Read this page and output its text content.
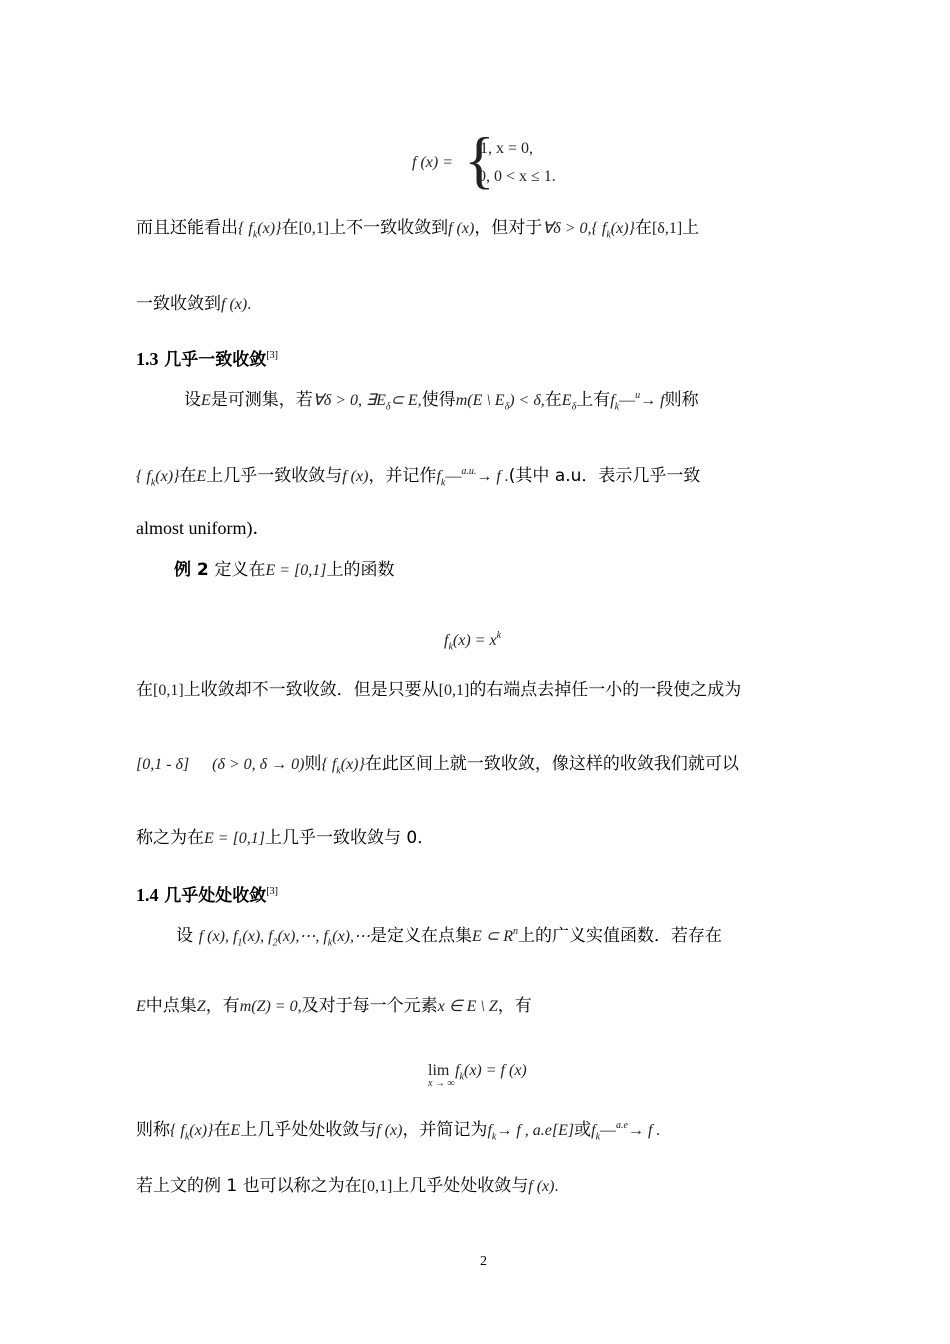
f (x) = {
1, x = 0,
0, 0 < x ≤ 1.
而且还能看出{ $f_k(x)$}在[0,1]上不一致收敛到f (x)，但对于∀δ > 0,{ $f_k(x)$}在[δ,1]上
一致收敛到f (x).
1.3 几乎一致收敛[3]
设E是可测集，若∀δ > 0, $\exists E_\delta\subset$ E,使得m(E \ $E_\delta) < \delta$,在$E_\delta$上有$f_k—^u\to f$则称
{ $f_k(x)$}在E上几乎一致收敛与f (x)，并记作$f_k—^{a.u.}\to f$ .(其中 a.u．表示几乎一致
almost uniform)．
例 2 定义在E = [0,1]上的函数
$f_k(x) = x^k$
在[0,1]上收敛却不一致收敛．但是只要从[0,1]的右端点去掉任一小的一段使之成为
[0,1 - δ] (δ > 0, δ → 0)则{ $f_k(x)$}在此区间上就一致收敛，像这样的收敛我们就可以
称之为在E = [0,1]上几乎一致收敛与 0．
1.4 几乎处处收敛[3]
设 f (x), $f_1(x)$, $f_2(x),\cdots$, $f_k(x),\cdots$是定义在点集E ⊂ $R^n$上的广义实值函数．若存在
E中点集Z，有m(Z) = 0,及对于每一个元素x ∈ E \ Z，有
$\lim f_k(x) = f$ (x)
x → ∞
则称{ $f_k(x)$}在E上几乎处处收敛与f (x)，并简记为$f_k\to f$ , a.e[E]或$f_k—^{a.e}\to f$ .
若上文的例 1 也可以称之为在[0,1]上几乎处处收敛与f (x).
2
